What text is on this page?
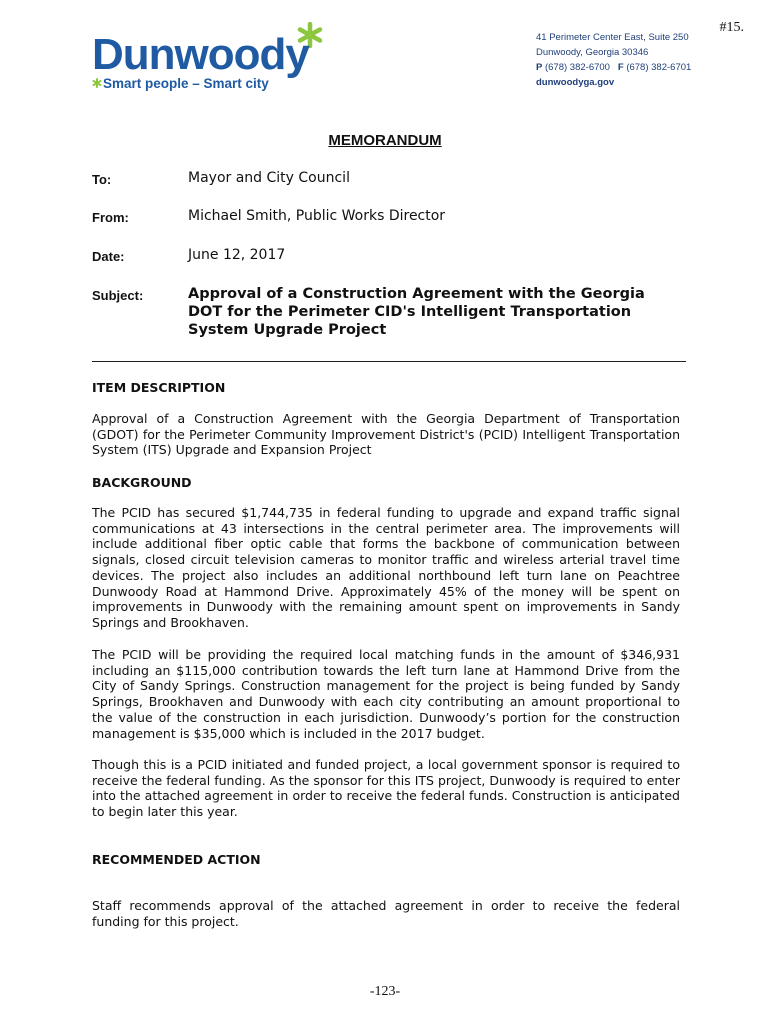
#15.
Dunwoody
Smart people – Smart city
41 Perimeter Center East, Suite 250
Dunwoody, Georgia 30346
P (678) 382-6700 F (678) 382-6701
dunwoodyga.gov
MEMORANDUM
To:	Mayor and City Council
From:	Michael Smith, Public Works Director
Date:	June 12, 2017
Subject:	Approval of a Construction Agreement with the Georgia DOT for the Perimeter CID's Intelligent Transportation System Upgrade Project
ITEM DESCRIPTION

Approval of a Construction Agreement with the Georgia Department of Transportation (GDOT) for the Perimeter Community Improvement District's (PCID) Intelligent Transportation System (ITS) Upgrade and Expansion Project

BACKGROUND

The PCID has secured $1,744,735 in federal funding to upgrade and expand traffic signal communications at 43 intersections in the central perimeter area. The improvements will include additional fiber optic cable that forms the backbone of communication between signals, closed circuit television cameras to monitor traffic and wireless arterial travel time devices. The project also includes an additional northbound left turn lane on Peachtree Dunwoody Road at Hammond Drive. Approximately 45% of the money will be spent on improvements in Dunwoody with the remaining amount spent on improvements in Sandy Springs and Brookhaven.

The PCID will be providing the required local matching funds in the amount of $346,931 including an $115,000 contribution towards the left turn lane at Hammond Drive from the City of Sandy Springs. Construction management for the project is being funded by Sandy Springs, Brookhaven and Dunwoody with each city contributing an amount proportional to the value of the construction in each jurisdiction. Dunwoody’s portion for the construction management is $35,000 which is included in the 2017 budget.

Though this is a PCID initiated and funded project, a local government sponsor is required to receive the federal funding. As the sponsor for this ITS project, Dunwoody is required to enter into the attached agreement in order to receive the federal funds. Construction is anticipated to begin later this year.

RECOMMENDED ACTION

Staff recommends approval of the attached agreement in order to receive the federal funding for this project.

-123-
